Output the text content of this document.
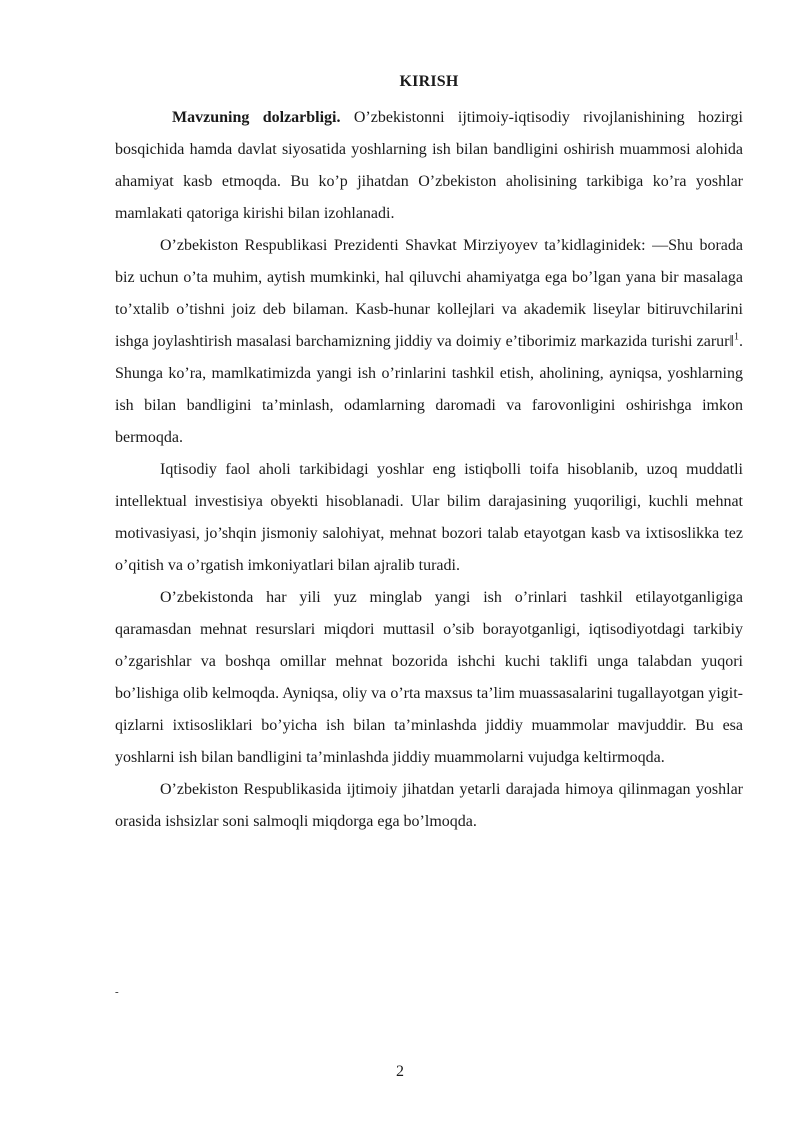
KIRISH

Mavzuning dolzarbligi. O’zbekistonni ijtimoiy-iqtisodiy rivojlanishining hozirgi bosqichida hamda davlat siyosatida yoshlarning ish bilan bandligini oshirish muammosi alohida ahamiyat kasb etmoqda. Bu ko’p jihatdan O’zbekiston aholisining tarkibiga ko’ra yoshlar mamlakati qatoriga kirishi bilan izohlanadi.

O’zbekiston Respublikasi Prezidenti Shavkat Mirziyoyev ta’kidlaginidek: ―Shu borada biz uchun o’ta muhim, aytish mumkinki, hal qiluvchi ahamiyatga ega bo’lgan yana bir masalaga to’xtalib o’tishni joiz deb bilaman. Kasb-hunar kollejlari va akademik liseylar bitiruvchilarini ishga joylashtirish masalasi barchamizning jiddiy va doimiy e’tiborimiz markazida turishi zarur‖$^1$. Shunga ko’ra, mamlkatimizda yangi ish o’rinlarini tashkil etish, aholining, ayniqsa, yoshlarning ish bilan bandligini ta’minlash, odamlarning daromadi va farovonligini oshirishga imkon bermoqda.

Iqtisodiy faol aholi tarkibidagi yoshlar eng istiqbolli toifa hisoblanib, uzoq muddatli intellektual investisiya obyekti hisoblanadi. Ular bilim darajasining yuqoriligi, kuchli mehnat motivasiyasi, jo’shqin jismoniy salohiyat, mehnat bozori talab etayotgan kasb va ixtisoslikka tez o’qitish va o’rgatish imkoniyatlari bilan ajralib turadi.

O’zbekistonda har yili yuz minglab yangi ish o’rinlari tashkil etilayotganligiga qaramasdan mehnat resurslari miqdori muttasil o’sib borayotganligi, iqtisodiyotdagi tarkibiy o’zgarishlar va boshqa omillar mehnat bozorida ishchi kuchi taklifi unga talabdan yuqori bo’lishiga olib kelmoqda. Ayniqsa, oliy va o’rta maxsus ta’lim muassasalarini tugallayotgan yigit-qizlarni ixtisosliklari bo’yicha ish bilan ta’minlashda jiddiy muammolar mavjuddir. Bu esa yoshlarni ish bilan bandligini ta’minlashda jiddiy muammolarni vujudga keltirmoqda.

O’zbekiston Respublikasida ijtimoiy jihatdan yetarli darajada himoya qilinmagan yoshlar orasida ishsizlar soni salmoqli miqdorga ega bo’lmoqda.

-
2
